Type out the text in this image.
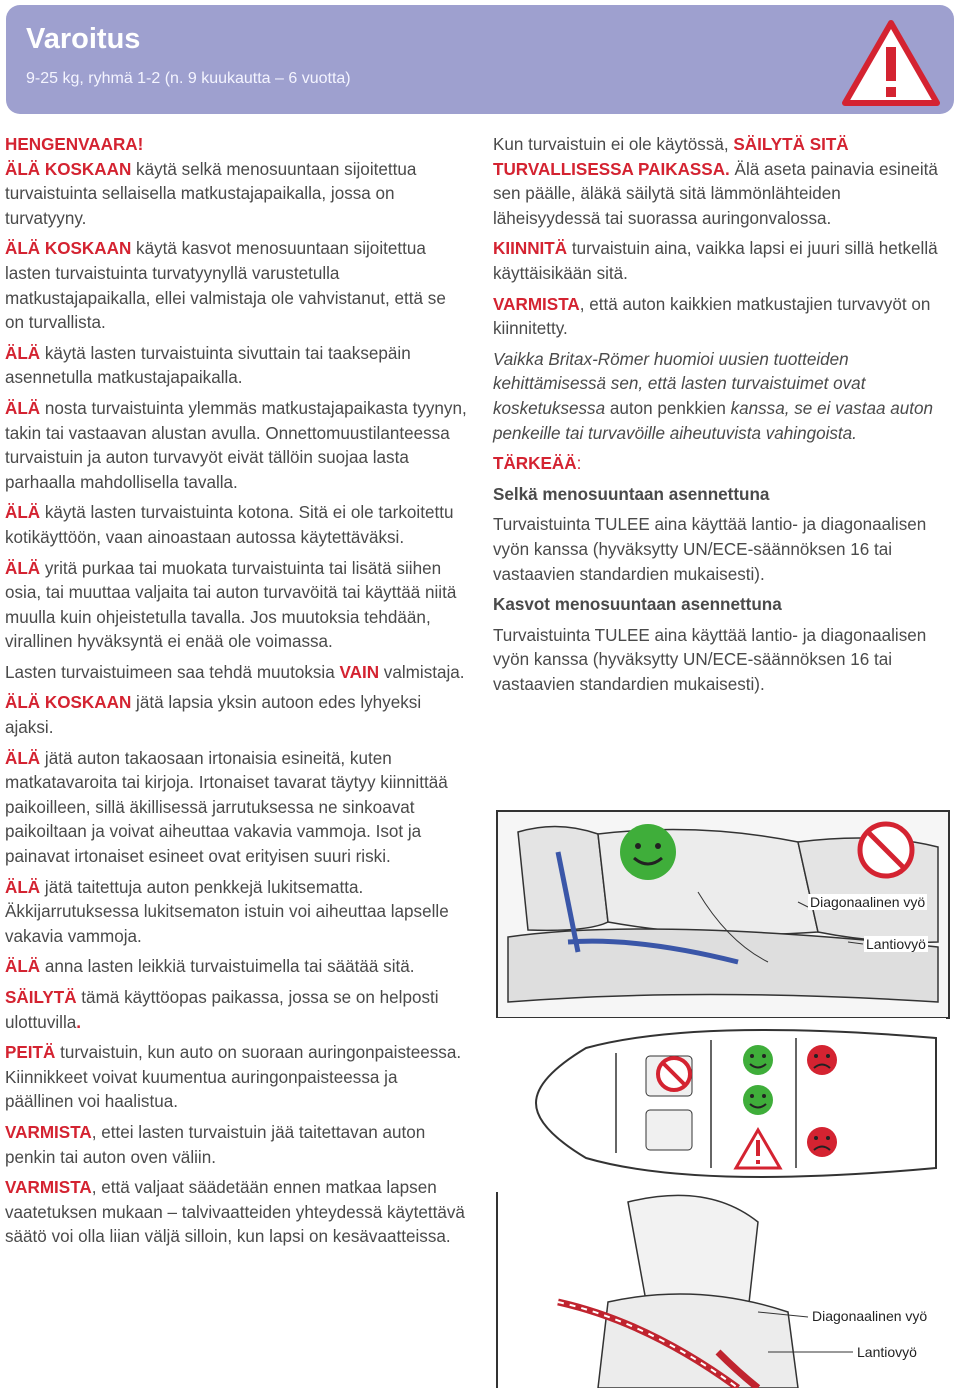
Varoitus
9-25 kg, ryhmä 1-2 (n. 9 kuukautta – 6 vuotta)

HENGENVAARA!

ÄLÄ KOSKAAN käytä selkä menosuuntaan sijoitettua turvaistuinta sellaisella matkustajapaikalla, jossa on turvatyyny.

ÄLÄ KOSKAAN käytä kasvot menosuuntaan sijoitettua lasten turvaistuinta turvatyynyllä varustetulla matkustajapaikalla, ellei valmistaja ole vahvistanut, että se on turvallista.

ÄLÄ käytä lasten turvaistuinta sivuttain tai taaksepäin asennetulla matkustajapaikalla.

ÄLÄ nosta turvaistuinta ylemmäs matkustajapaikasta tyynyn, takin tai vastaavan alustan avulla. Onnettomuustilanteessa turvaistuin ja auton turvavyöt eivät tällöin suojaa lasta parhaalla mahdollisella tavalla.

ÄLÄ käytä lasten turvaistuinta kotona. Sitä ei ole tarkoitettu kotikäyttöön, vaan ainoastaan autossa käytettäväksi.

ÄLÄ yritä purkaa tai muokata turvaistuinta tai lisätä siihen osia, tai muuttaa valjaita tai auton turvavöitä tai käyttää niitä muulla kuin ohjeistetulla tavalla. Jos muutoksia tehdään, virallinen hyväksyntä ei enää ole voimassa.

Lasten turvaistuimeen saa tehdä muutoksia VAIN valmistaja.

ÄLÄ KOSKAAN jätä lapsia yksin autoon edes lyhyeksi ajaksi.

ÄLÄ jätä auton takaosaan irtonaisia esineitä, kuten matkatavaroita tai kirjoja. Irtonaiset tavarat täytyy kiinnittää paikoilleen, sillä äkillisessä jarrutuksessa ne sinkoavat paikoiltaan ja voivat aiheuttaa vakavia vammoja. Isot ja painavat irtonaiset esineet ovat erityisen suuri riski.

ÄLÄ jätä taitettuja auton penkkejä lukitsematta. Äkkijarrutuksessa lukitsematon istuin voi aiheuttaa lapselle vakavia vammoja.

ÄLÄ anna lasten leikkiä turvaistuimella tai säätää sitä.

SÄILYTÄ tämä käyttöopas paikassa, jossa se on helposti ulottuvilla.

PEITÄ turvaistuin, kun auto on suoraan auringonpaisteessa. Kiinnikkeet voivat kuumentua auringonpaisteessa ja päällinen voi haalistua.

VARMISTA, ettei lasten turvaistuin jää taitettavan auton penkin tai auton oven väliin.

VARMISTA, että valjaat säädetään ennen matkaa lapsen vaatetuksen mukaan – talvivaatteiden yhteydessä käytettävä säätö voi olla liian väljä silloin, kun lapsi on kesävaatteissa.

Kun turvaistuin ei ole käytössä, SÄILYTÄ SITÄ TURVALLISESSA PAIKASSA. Älä aseta painavia esineitä sen päälle, äläkä säilytä sitä lämmönlähteiden läheisyydessä tai suorassa auringonvalossa.

KIINNITÄ turvaistuin aina, vaikka lapsi ei juuri sillä hetkellä käyttäisikään sitä.

VARMISTA, että auton kaikkien matkustajien turvavyöt on kiinnitetty.

Vaikka Britax-Römer huomioi uusien tuotteiden kehittämisessä sen, että lasten turvaistuimet ovat kosketuksessa auton penkkien kanssa, se ei vastaa auton penkeille tai turvavöille aiheutuvista vahingoista.

TÄRKEÄÄ:

Selkä menosuuntaan asennettuna

Turvaistuinta TULEE aina käyttää lantio- ja diagonaalisen vyön kanssa (hyväksytty UN/ECE-säännöksen 16 tai vastaavien standardien mukaisesti).

Kasvot menosuuntaan asennettuna

Turvaistuinta TULEE aina käyttää lantio- ja diagonaalisen vyön kanssa (hyväksytty UN/ECE-säännöksen 16 tai vastaavien standardien mukaisesti).

Diagonaalinen vyö
Lantiovyö
Diagonaalinen vyö
Lantiovyö
